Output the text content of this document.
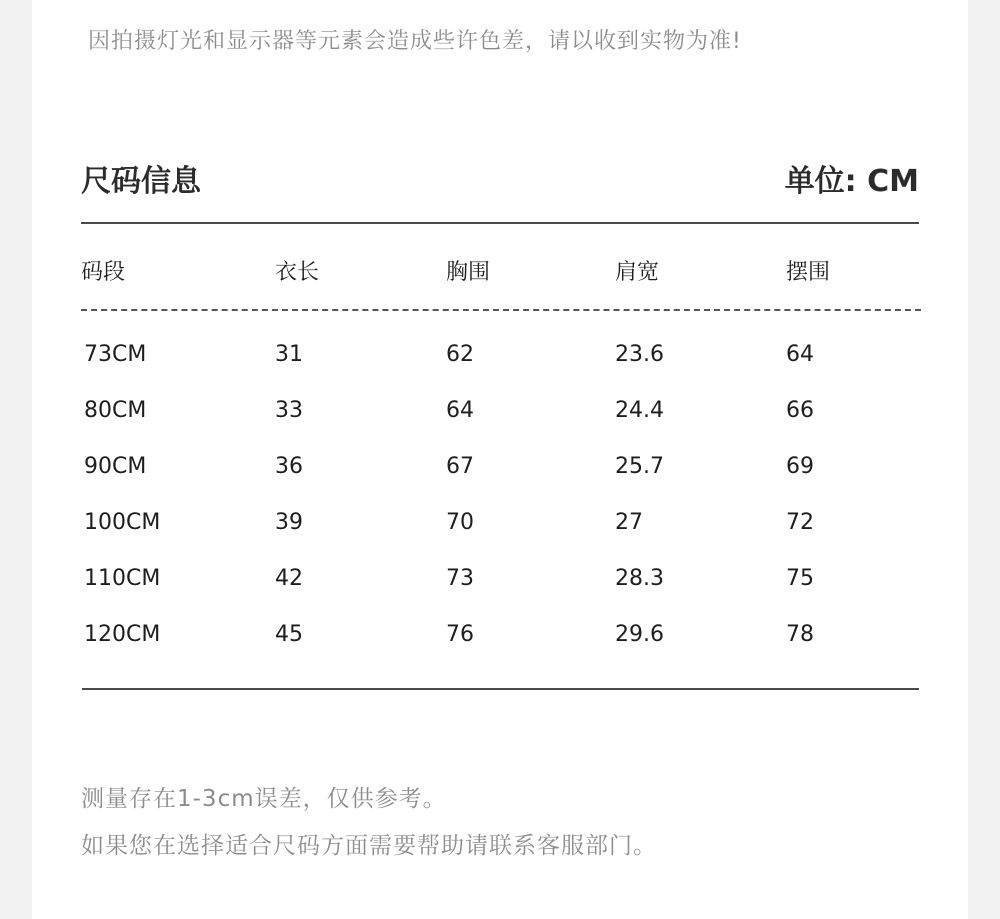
因拍摄灯光和显示器等元素会造成些许色差，请以收到实物为准!
尺码信息	单位: CM
码段	衣长	胸围	肩宽	摆围
73CM	31	62	23.6	64
80CM	33	64	24.4	66
90CM	36	67	25.7	69
100CM	39	70	27	72
110CM	42	73	28.3	75
120CM	45	76	29.6	78
测量存在1-3cm误差，仅供参考。
如果您在选择适合尺码方面需要帮助请联系客服部门。
